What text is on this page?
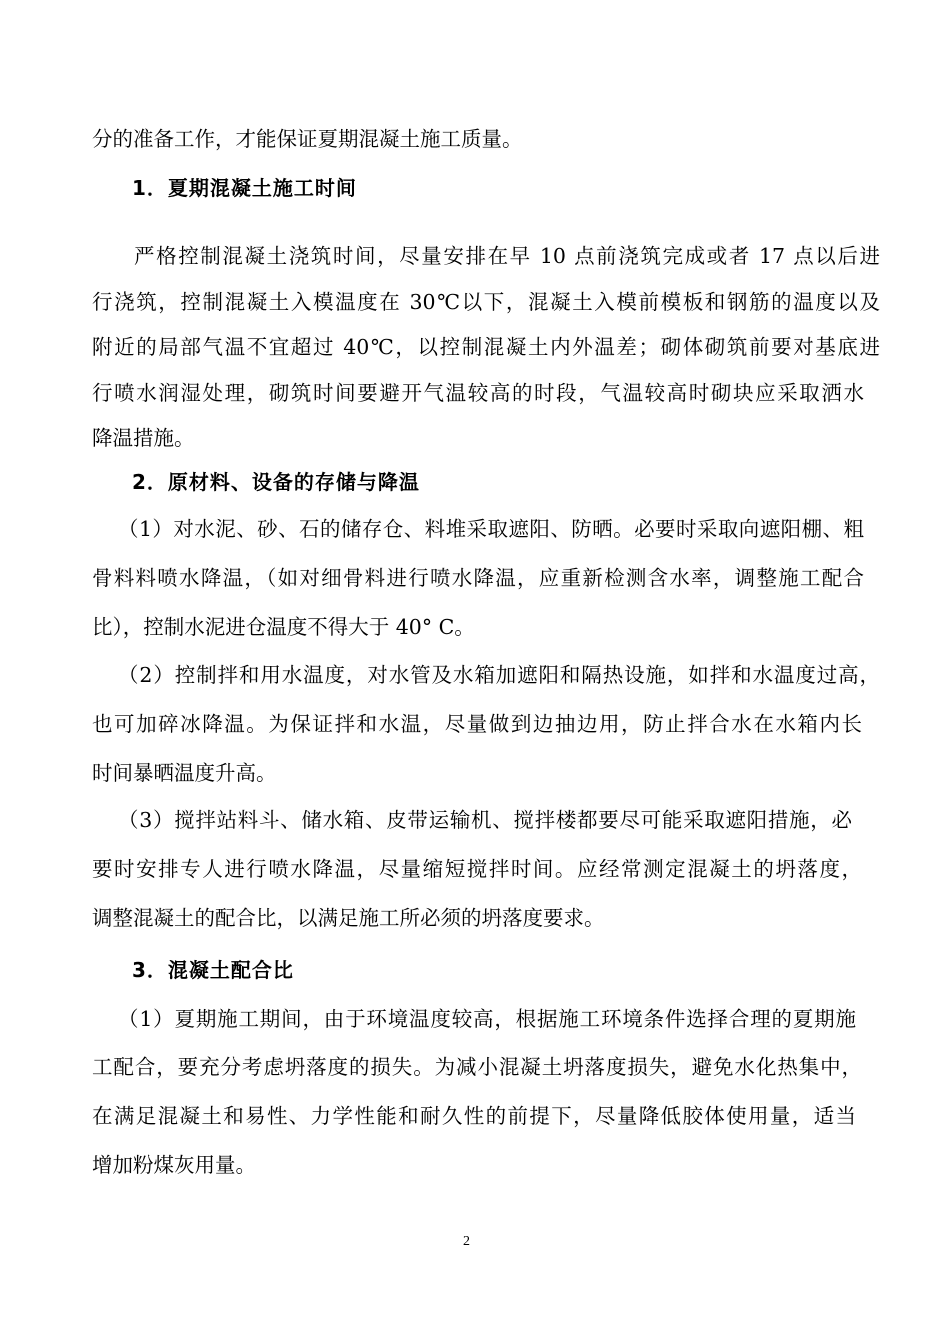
分的准备工作，才能保证夏期混凝土施工质量。
1．夏期混凝土施工时间
严格控制混凝土浇筑时间，尽量安排在早 10 点前浇筑完成或者 17 点以后进
行浇筑，控制混凝土入模温度在 30℃以下，混凝土入模前模板和钢筋的温度以及
附近的局部气温不宜超过 40℃，以控制混凝土内外温差；砌体砌筑前要对基底进
行喷水润湿处理，砌筑时间要避开气温较高的时段，气温较高时砌块应采取洒水
降温措施。
2．原材料、设备的存储与降温
（1）对水泥、砂、石的储存仓、料堆采取遮阳、防晒。必要时采取向遮阳棚、粗
骨料料喷水降温，（如对细骨料进行喷水降温，应重新检测含水率，调整施工配合
比），控制水泥进仓温度不得大于 40° C。
（2）控制拌和用水温度，对水管及水箱加遮阳和隔热设施，如拌和水温度过高，
也可加碎冰降温。为保证拌和水温，尽量做到边抽边用，防止拌合水在水箱内长
时间暴晒温度升高。
（3）搅拌站料斗、储水箱、皮带运输机、搅拌楼都要尽可能采取遮阳措施，必
要时安排专人进行喷水降温，尽量缩短搅拌时间。应经常测定混凝土的坍落度，
调整混凝土的配合比，以满足施工所必须的坍落度要求。
3．混凝土配合比
（1）夏期施工期间，由于环境温度较高，根据施工环境条件选择合理的夏期施
工配合，要充分考虑坍落度的损失。为减小混凝土坍落度损失，避免水化热集中，
在满足混凝土和易性、力学性能和耐久性的前提下，尽量降低胶体使用量，适当
增加粉煤灰用量。
2
